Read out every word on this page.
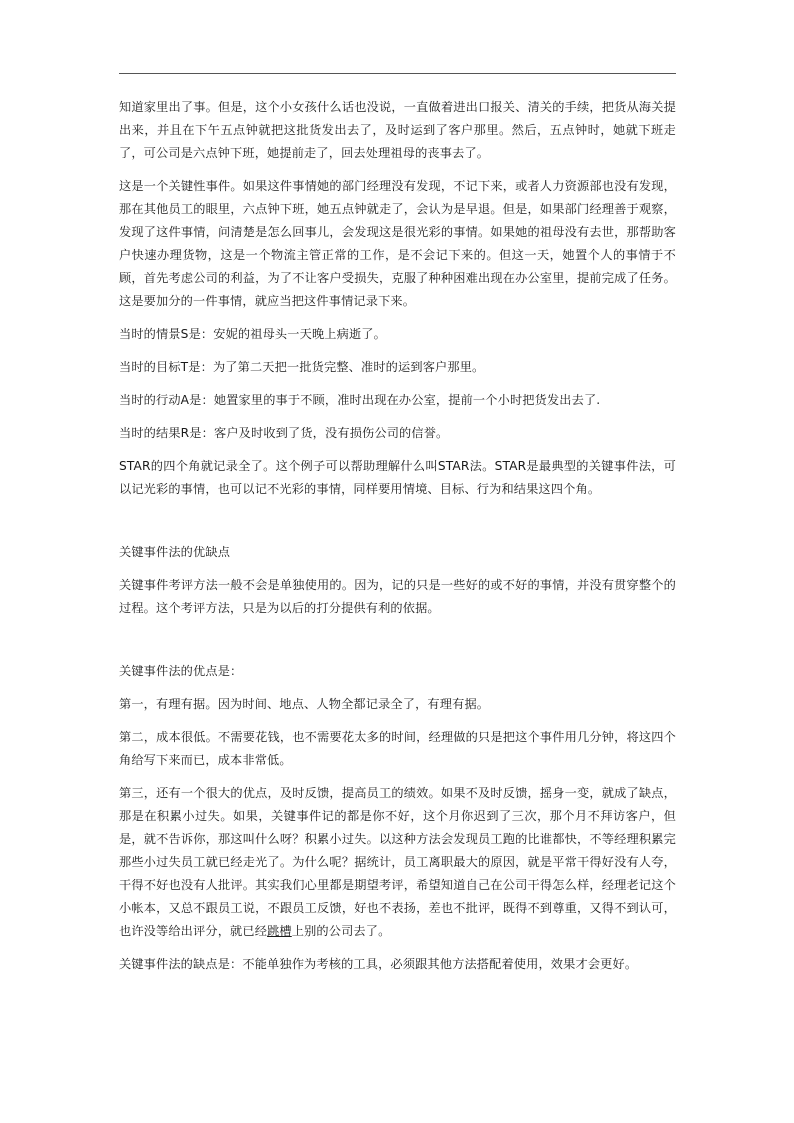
知道家里出了事。但是，这个小女孩什么话也没说，一直做着进出口报关、清关的手续，把货从海关提出来，并且在下午五点钟就把这批货发出去了，及时运到了客户那里。然后，五点钟时，她就下班走了，可公司是六点钟下班，她提前走了，回去处理祖母的丧事去了。

这是一个关键性事件。如果这件事情她的部门经理没有发现，不记下来，或者人力资源部也没有发现，那在其他员工的眼里，六点钟下班，她五点钟就走了，会认为是早退。但是，如果部门经理善于观察，发现了这件事情，问清楚是怎么回事儿，会发现这是很光彩的事情。如果她的祖母没有去世，那帮助客户快速办理货物，这是一个物流主管正常的工作，是不会记下来的。但这一天，她置个人的事情于不顾，首先考虑公司的利益，为了不让客户受损失，克服了种种困难出现在办公室里，提前完成了任务。这是要加分的一件事情，就应当把这件事情记录下来。

当时的情景S是：安妮的祖母头一天晚上病逝了。

当时的目标T是：为了第二天把一批货完整、准时的运到客户那里。

当时的行动A是：她置家里的事于不顾，准时出现在办公室，提前一个小时把货发出去了.

当时的结果R是：客户及时收到了货，没有损伤公司的信誉。

STAR的四个角就记录全了。这个例子可以帮助理解什么叫STAR法。STAR是最典型的关键事件法，可以记光彩的事情，也可以记不光彩的事情，同样要用情境、目标、行为和结果这四个角。

关键事件法的优缺点

关键事件考评方法一般不会是单独使用的。因为，记的只是一些好的或不好的事情，并没有贯穿整个的过程。这个考评方法，只是为以后的打分提供有利的依据。

关键事件法的优点是：

第一，有理有据。因为时间、地点、人物全都记录全了，有理有据。

第二，成本很低。不需要花钱，也不需要花太多的时间，经理做的只是把这个事件用几分钟，将这四个角给写下来而已，成本非常低。

第三，还有一个很大的优点，及时反馈，提高员工的绩效。如果不及时反馈，摇身一变，就成了缺点，那是在积累小过失。如果，关键事件记的都是你不好，这个月你迟到了三次，那个月不拜访客户，但是，就不告诉你，那这叫什么呀？积累小过失。以这种方法会发现员工跑的比谁都快，不等经理积累完那些小过失员工就已经走光了。为什么呢？据统计，员工离职最大的原因，就是平常干得好没有人夸，干得不好也没有人批评。其实我们心里都是期望考评，希望知道自己在公司干得怎么样，经理老记这个小帐本，又总不跟员工说，不跟员工反馈，好也不表扬，差也不批评，既得不到尊重，又得不到认可，也许没等给出评分，就已经跳槽上别的公司去了。

关键事件法的缺点是：不能单独作为考核的工具，必须跟其他方法搭配着使用，效果才会更好。
